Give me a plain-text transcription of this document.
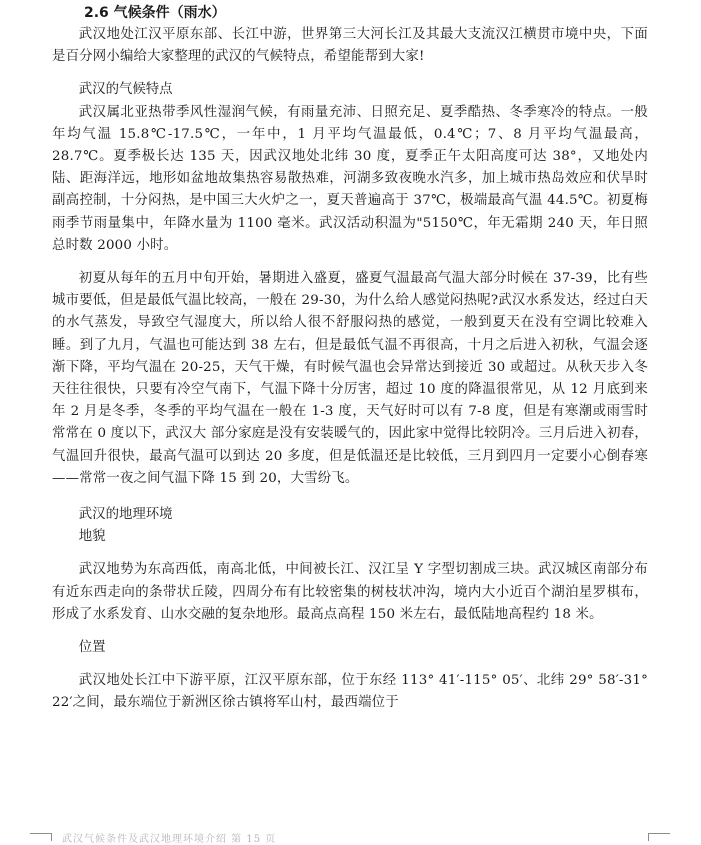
2.6 气候条件（雨水）

武汉地处江汉平原东部、长江中游，世界第三大河长江及其最大支流汉江横贯市境中央，下面是百分网小编给大家整理的武汉的气候特点，希望能帮到大家!

武汉的气候特点

武汉属北亚热带季风性湿润气候，有雨量充沛、日照充足、夏季酷热、冬季寒冷的特点。一般年均气温 15.8℃-17.5℃，一年中，1 月平均气温最低，0.4℃；7、8 月平均气温最高，28.7℃。夏季极长达 135 天，因武汉地处北纬 30 度，夏季正午太阳高度可达 38°，又地处内陆、距海洋远，地形如盆地故集热容易散热难，河湖多致夜晚水汽多，加上城市热岛效应和伏旱时副高控制，十分闷热，是中国三大火炉之一，夏天普遍高于 37℃，极端最高气温 44.5℃。初夏梅雨季节雨量集中，年降水量为 1100 毫米。武汉活动积温为"5150℃，年无霜期 240 天，年日照总时数 2000 小时。

初夏从每年的五月中旬开始，暑期进入盛夏，盛夏气温最高气温大部分时候在 37-39，比有些城市要低，但是最低气温比较高，一般在 29-30，为什么给人感觉闷热呢?武汉水系发达，经过白天的水气蒸发，导致空气湿度大，所以给人很不舒服闷热的感觉，一般到夏天在没有空调比较难入睡。到了九月，气温也可能达到 38 左右，但是最低气温不再很高，十月之后进入初秋，气温会逐渐下降，平均气温在 20-25，天气干燥，有时候气温也会异常达到接近 30 或超过。从秋天步入冬天往往很快，只要有冷空气南下，气温下降十分厉害，超过 10 度的降温很常见，从 12 月底到来年 2 月是冬季，冬季的平均气温在一般在 1-3 度，天气好时可以有 7-8 度，但是有寒潮或雨雪时常常在 0 度以下，武汉大 部分家庭是没有安装暖气的，因此家中觉得比较阴冷。三月后进入初春，气温回升很快，最高气温可以到达 20 多度，但是低温还是比较低，三月到四月一定要小心倒春寒——常常一夜之间气温下降 15 到 20，大雪纷飞。

武汉的地理环境
地貌

武汉地势为东高西低，南高北低，中间被长江、汉江呈 Y 字型切割成三块。武汉城区南部分布有近东西走向的条带状丘陵，四周分布有比较密集的树枝状冲沟，境内大小近百个湖泊星罗棋布，形成了水系发育、山水交融的复杂地形。最高点高程 150 米左右，最低陆地高程约 18 米。

位置

武汉地处长江中下游平原，江汉平原东部，位于东经 113° 41′-115° 05′、北纬 29° 58′-31° 22′之间，最东端位于新洲区徐古镇将军山村，最西端位于

武汉气候条件及武汉地理环境介绍 第 15 页
